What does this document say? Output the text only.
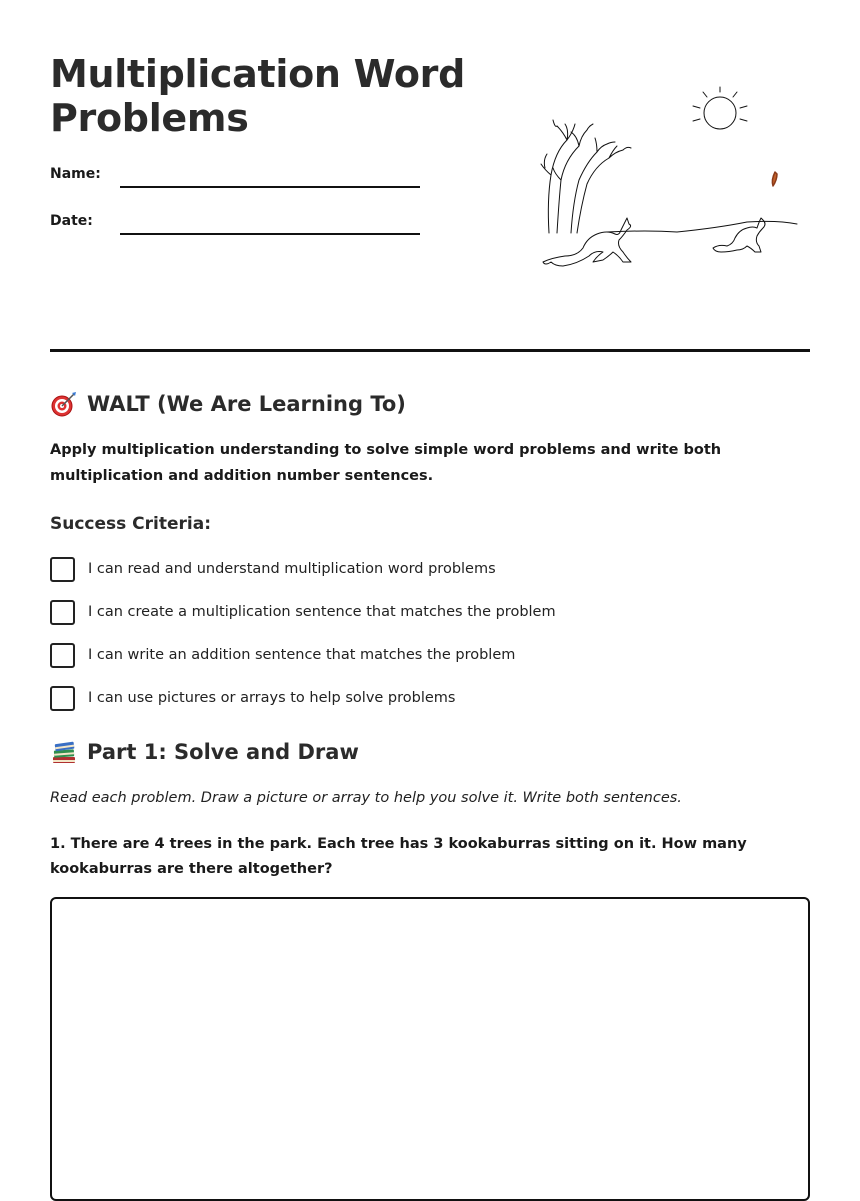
Multiplication Word Problems
Name:
Date:
WALT (We Are Learning To)

Apply multiplication understanding to solve simple word problems and write both multiplication and addition number sentences.

Success Criteria:
I can read and understand multiplication word problems
I can create a multiplication sentence that matches the problem
I can write an addition sentence that matches the problem
I can use pictures or arrays to help solve problems
Part 1: Solve and Draw

Read each problem. Draw a picture or array to help you solve it. Write both sentences.

1. There are 4 trees in the park. Each tree has 3 kookaburras sitting on it. How many kookaburras are there altogether?
